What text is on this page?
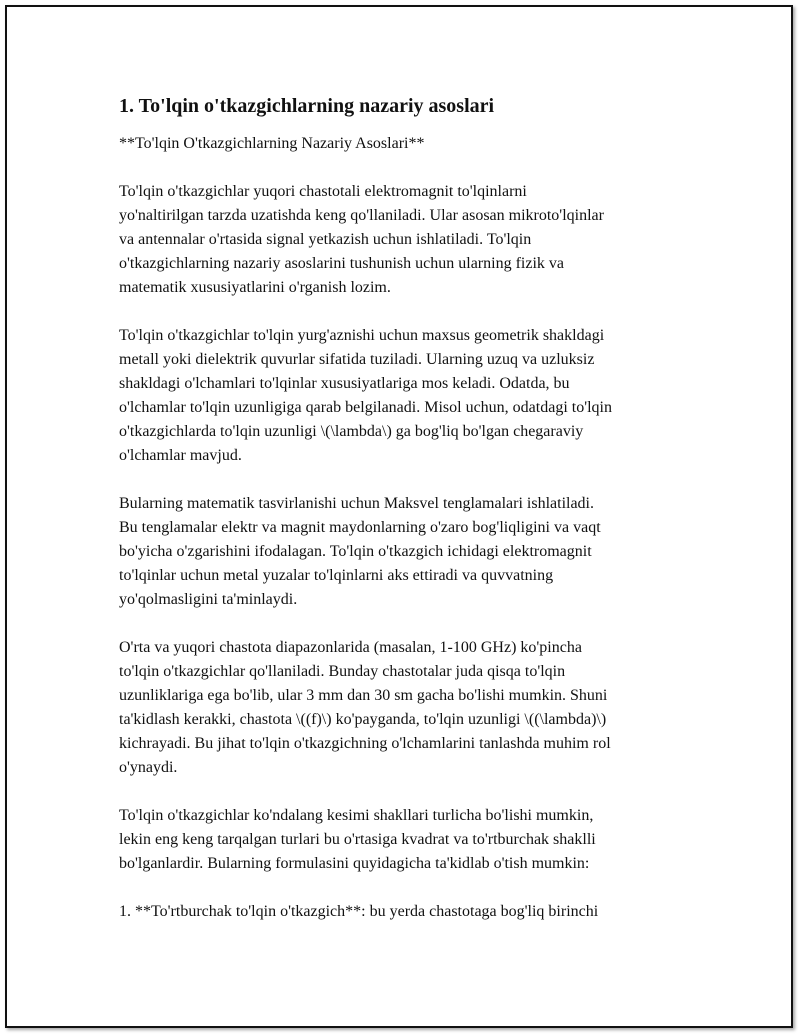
1. To'lqin o'tkazgichlarning nazariy asoslari

**To'lqin O'tkazgichlarning Nazariy Asoslari**

To'lqin o'tkazgichlar yuqori chastotali elektromagnit to'lqinlarni
yo'naltirilgan tarzda uzatishda keng qo'llaniladi. Ular asosan mikroto'lqinlar
va antennalar o'rtasida signal yetkazish uchun ishlatiladi. To'lqin
o'tkazgichlarning nazariy asoslarini tushunish uchun ularning fizik va
matematik xususiyatlarini o'rganish lozim.

To'lqin o'tkazgichlar to'lqin yurg'aznishi uchun maxsus geometrik shakldagi
metall yoki dielektrik quvurlar sifatida tuziladi. Ularning uzuq va uzluksiz
shakldagi o'lchamlari to'lqinlar xususiyatlariga mos keladi. Odatda, bu
o'lchamlar to'lqin uzunligiga qarab belgilanadi. Misol uchun, odatdagi to'lqin
o'tkazgichlarda to'lqin uzunligi \(\lambda\) ga bog'liq bo'lgan chegaraviy
o'lchamlar mavjud.

Bularning matematik tasvirlanishi uchun Maksvel tenglamalari ishlatiladi.
Bu tenglamalar elektr va magnit maydonlarning o'zaro bog'liqligini va vaqt
bo'yicha o'zgarishini ifodalagan. To'lqin o'tkazgich ichidagi elektromagnit
to'lqinlar uchun metal yuzalar to'lqinlarni aks ettiradi va quvvatning
yo'qolmasligini ta'minlaydi.

O'rta va yuqori chastota diapazonlarida (masalan, 1-100 GHz) ko'pincha
to'lqin o'tkazgichlar qo'llaniladi. Bunday chastotalar juda qisqa to'lqin
uzunliklariga ega bo'lib, ular 3 mm dan 30 sm gacha bo'lishi mumkin. Shuni
ta'kidlash kerakki, chastota \((f)\) ko'payganda, to'lqin uzunligi \((\lambda)\)
kichrayadi. Bu jihat to'lqin o'tkazgichning o'lchamlarini tanlashda muhim rol
o'ynaydi.

To'lqin o'tkazgichlar ko'ndalang kesimi shakllari turlicha bo'lishi mumkin,
lekin eng keng tarqalgan turlari bu o'rtasiga kvadrat va to'rtburchak shaklli
bo'lganlardir. Bularning formulasini quyidagicha ta'kidlab o'tish mumkin:

1. **To'rtburchak to'lqin o'tkazgich**: bu yerda chastotaga bog'liq birinchi
